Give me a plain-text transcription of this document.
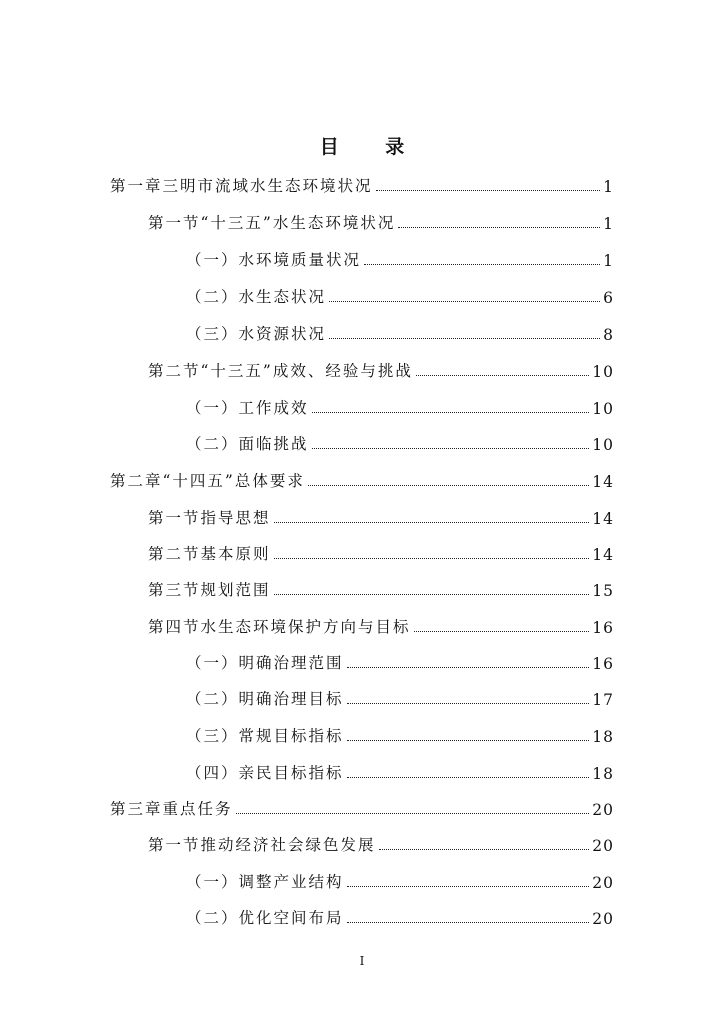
目 录
第一章三明市流域水生态环境状况	1
第一节“十三五”水生态环境状况	1
（一）水环境质量状况	1
（二）水生态状况	6
（三）水资源状况	8
第二节“十三五”成效、经验与挑战	10
（一）工作成效	10
（二）面临挑战	10
第二章“十四五”总体要求	14
第一节指导思想	14
第二节基本原则	14
第三节规划范围	15
第四节水生态环境保护方向与目标	16
（一）明确治理范围	16
（二）明确治理目标	17
（三）常规目标指标	18
（四）亲民目标指标	18
第三章重点任务	20
第一节推动经济社会绿色发展	20
（一）调整产业结构	20
（二）优化空间布局	20
I
